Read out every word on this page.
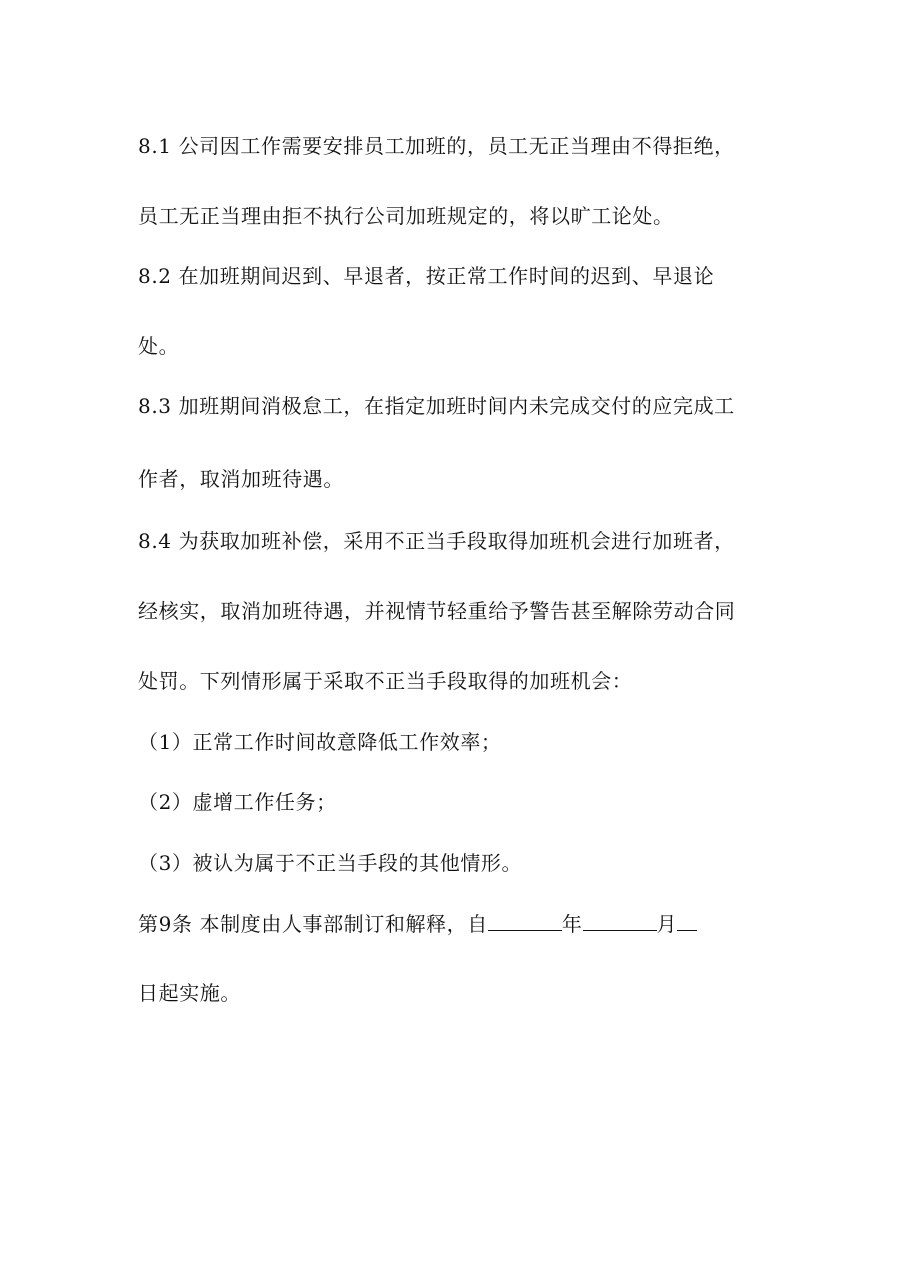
8.1 公司因工作需要安排员工加班的，员工无正当理由不得拒绝，
员工无正当理由拒不执行公司加班规定的，将以旷工论处。
8.2 在加班期间迟到、早退者，按正常工作时间的迟到、早退论
处。
8.3 加班期间消极怠工，在指定加班时间内未完成交付的应完成工
作者，取消加班待遇。
8.4 为获取加班补偿，采用不正当手段取得加班机会进行加班者，
经核实，取消加班待遇，并视情节轻重给予警告甚至解除劳动合同
处罚。下列情形属于采取不正当手段取得的加班机会：
（1）正常工作时间故意降低工作效率；
（2）虚增工作任务；
（3）被认为属于不正当手段的其他情形。
第9条 本制度由人事部制订和解释，自	年	月
日起实施。
